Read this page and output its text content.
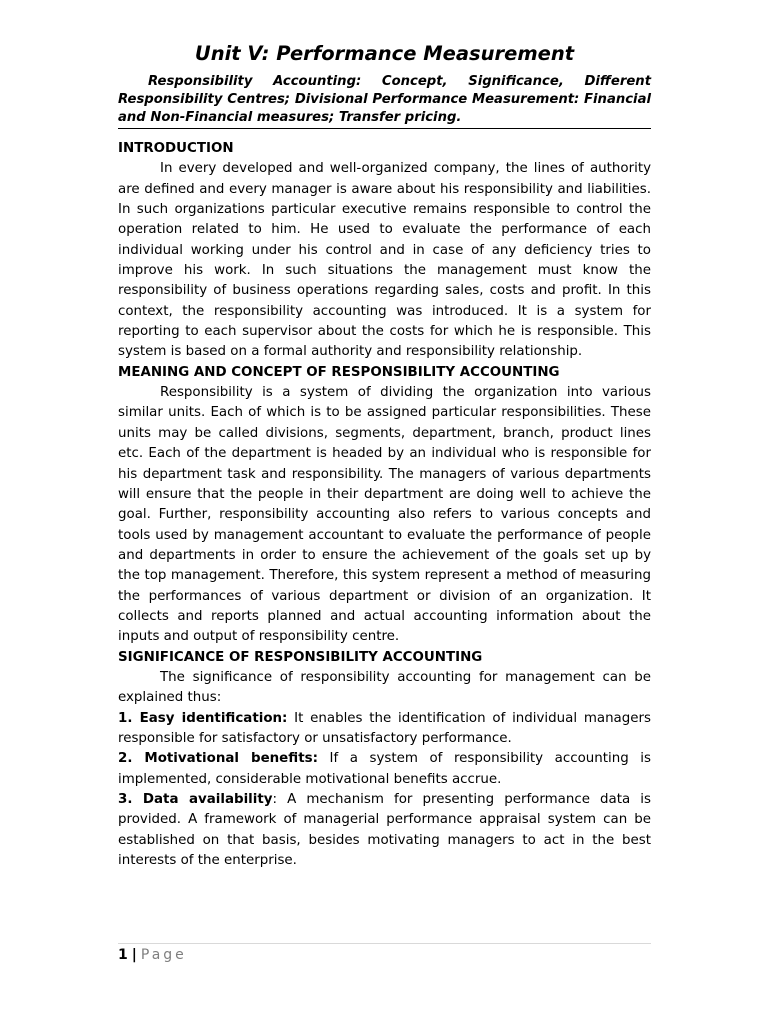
Unit V: Performance Measurement

Responsibility Accounting: Concept, Significance, Different Responsibility Centres; Divisional Performance Measurement: Financial and Non-Financial measures; Transfer pricing.

INTRODUCTION

In every developed and well-organized company, the lines of authority are defined and every manager is aware about his responsibility and liabilities. In such organizations particular executive remains responsible to control the operation related to him. He used to evaluate the performance of each individual working under his control and in case of any deficiency tries to improve his work. In such situations the management must know the responsibility of business operations regarding sales, costs and profit. In this context, the responsibility accounting was introduced. It is a system for reporting to each supervisor about the costs for which he is responsible. This system is based on a formal authority and responsibility relationship.

MEANING AND CONCEPT OF RESPONSIBILITY ACCOUNTING

Responsibility is a system of dividing the organization into various similar units. Each of which is to be assigned particular responsibilities. These units may be called divisions, segments, department, branch, product lines etc. Each of the department is headed by an individual who is responsible for his department task and responsibility. The managers of various departments will ensure that the people in their department are doing well to achieve the goal. Further, responsibility accounting also refers to various concepts and tools used by management accountant to evaluate the performance of people and departments in order to ensure the achievement of the goals set up by the top management. Therefore, this system represent a method of measuring the performances of various department or division of an organization. It collects and reports planned and actual accounting information about the inputs and output of responsibility centre.

SIGNIFICANCE OF RESPONSIBILITY ACCOUNTING

The significance of responsibility accounting for management can be explained thus:

1. Easy identification: It enables the identification of individual managers responsible for satisfactory or unsatisfactory performance.

2. Motivational benefits: If a system of responsibility accounting is implemented, considerable motivational benefits accrue.

3. Data availability: A mechanism for presenting performance data is provided. A framework of managerial performance appraisal system can be established on that basis, besides motivating managers to act in the best interests of the enterprise.

1 | Page
